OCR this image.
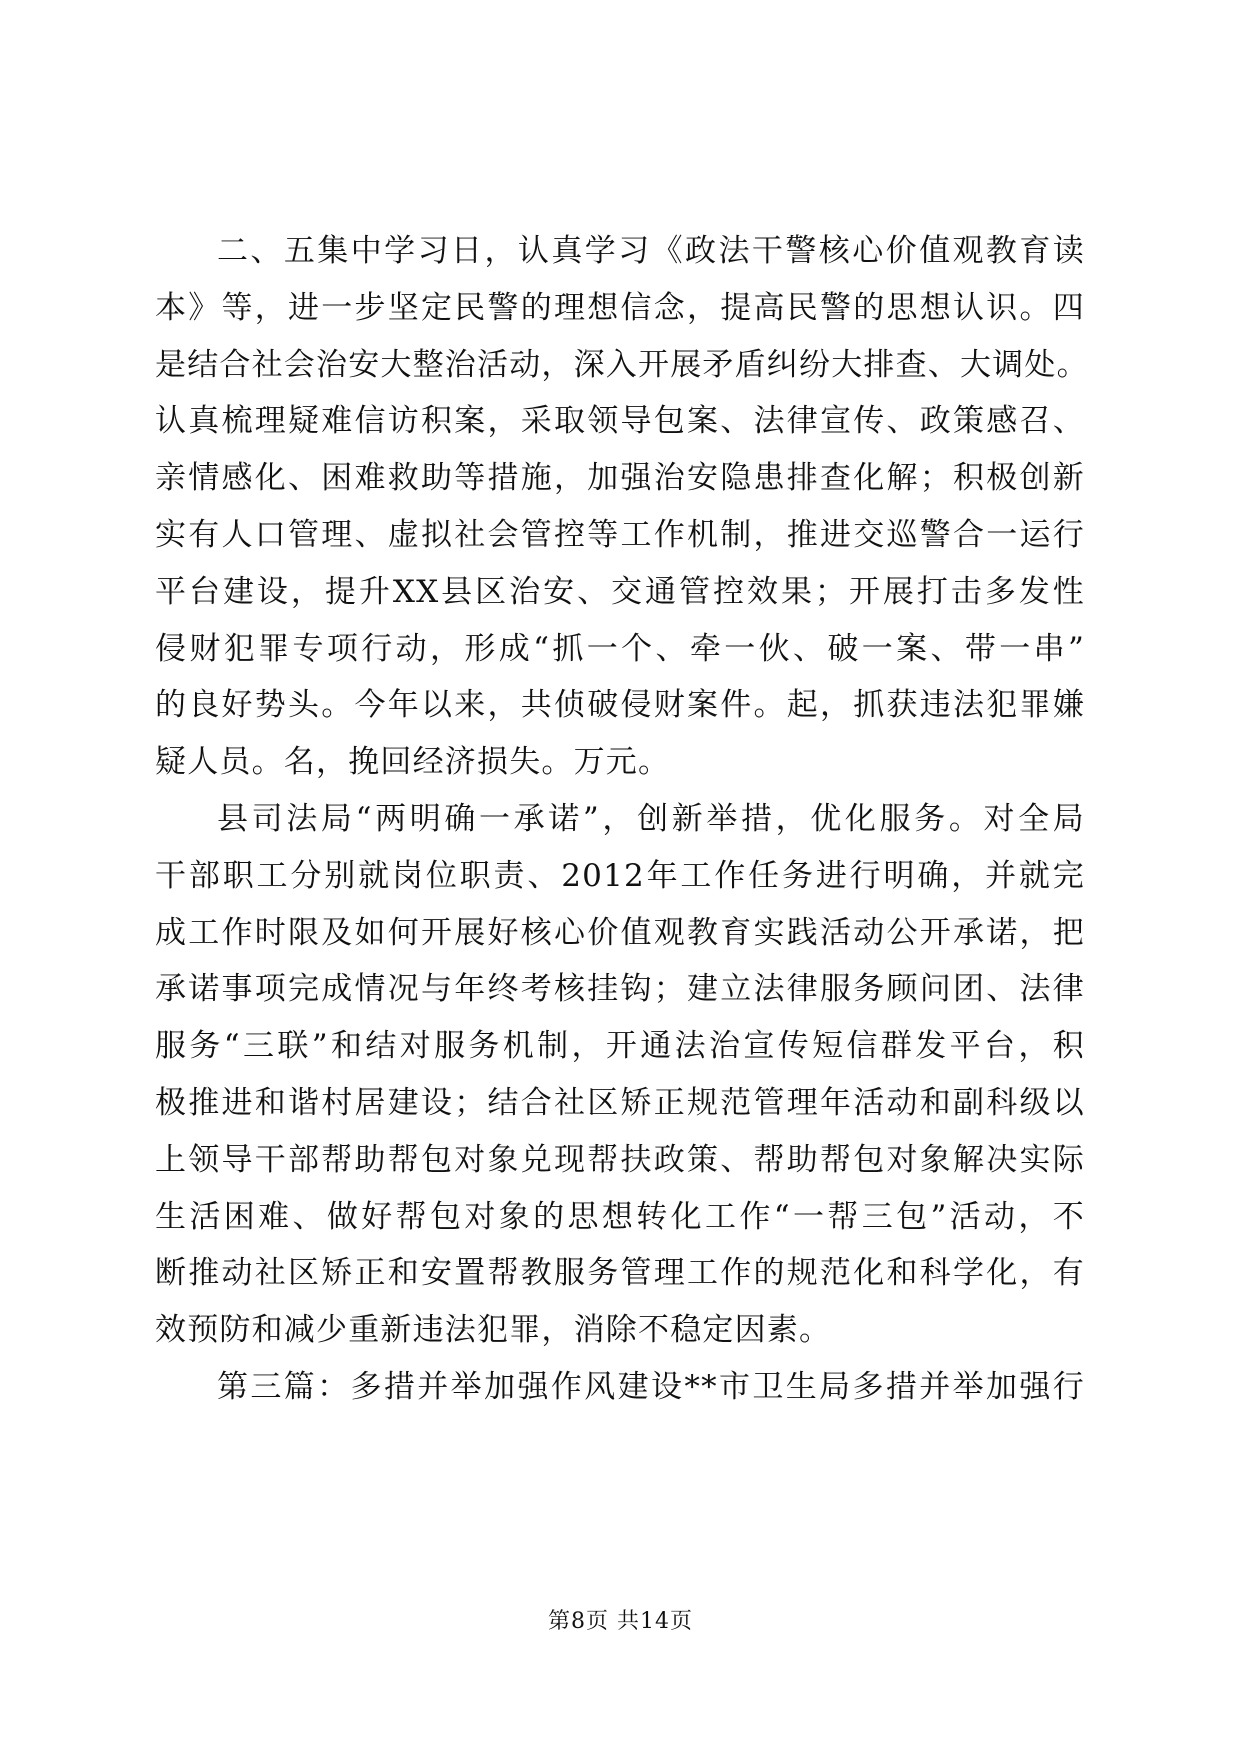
二、五集中学习日，认真学习《政法干警核心价值观教育读
本》等，进一步坚定民警的理想信念，提高民警的思想认识。四
是结合社会治安大整治活动，深入开展矛盾纠纷大排查、大调处。
认真梳理疑难信访积案，采取领导包案、法律宣传、政策感召、
亲情感化、困难救助等措施，加强治安隐患排查化解；积极创新
实有人口管理、虚拟社会管控等工作机制，推进交巡警合一运行
平台建设，提升XX县区治安、交通管控效果；开展打击多发性
侵财犯罪专项行动，形成“抓一个、牵一伙、破一案、带一串”
的良好势头。今年以来，共侦破侵财案件。起，抓获违法犯罪嫌
疑人员。名，挽回经济损失。万元。
县司法局“两明确一承诺”，创新举措，优化服务。对全局
干部职工分别就岗位职责、2012年工作任务进行明确，并就完
成工作时限及如何开展好核心价值观教育实践活动公开承诺，把
承诺事项完成情况与年终考核挂钩；建立法律服务顾问团、法律
服务“三联”和结对服务机制，开通法治宣传短信群发平台，积
极推进和谐村居建设；结合社区矫正规范管理年活动和副科级以
上领导干部帮助帮包对象兑现帮扶政策、帮助帮包对象解决实际
生活困难、做好帮包对象的思想转化工作“一帮三包”活动，不
断推动社区矫正和安置帮教服务管理工作的规范化和科学化，有
效预防和减少重新违法犯罪，消除不稳定因素。
第三篇：多措并举加强作风建设**市卫生局多措并举加强行
第8页 共14页
